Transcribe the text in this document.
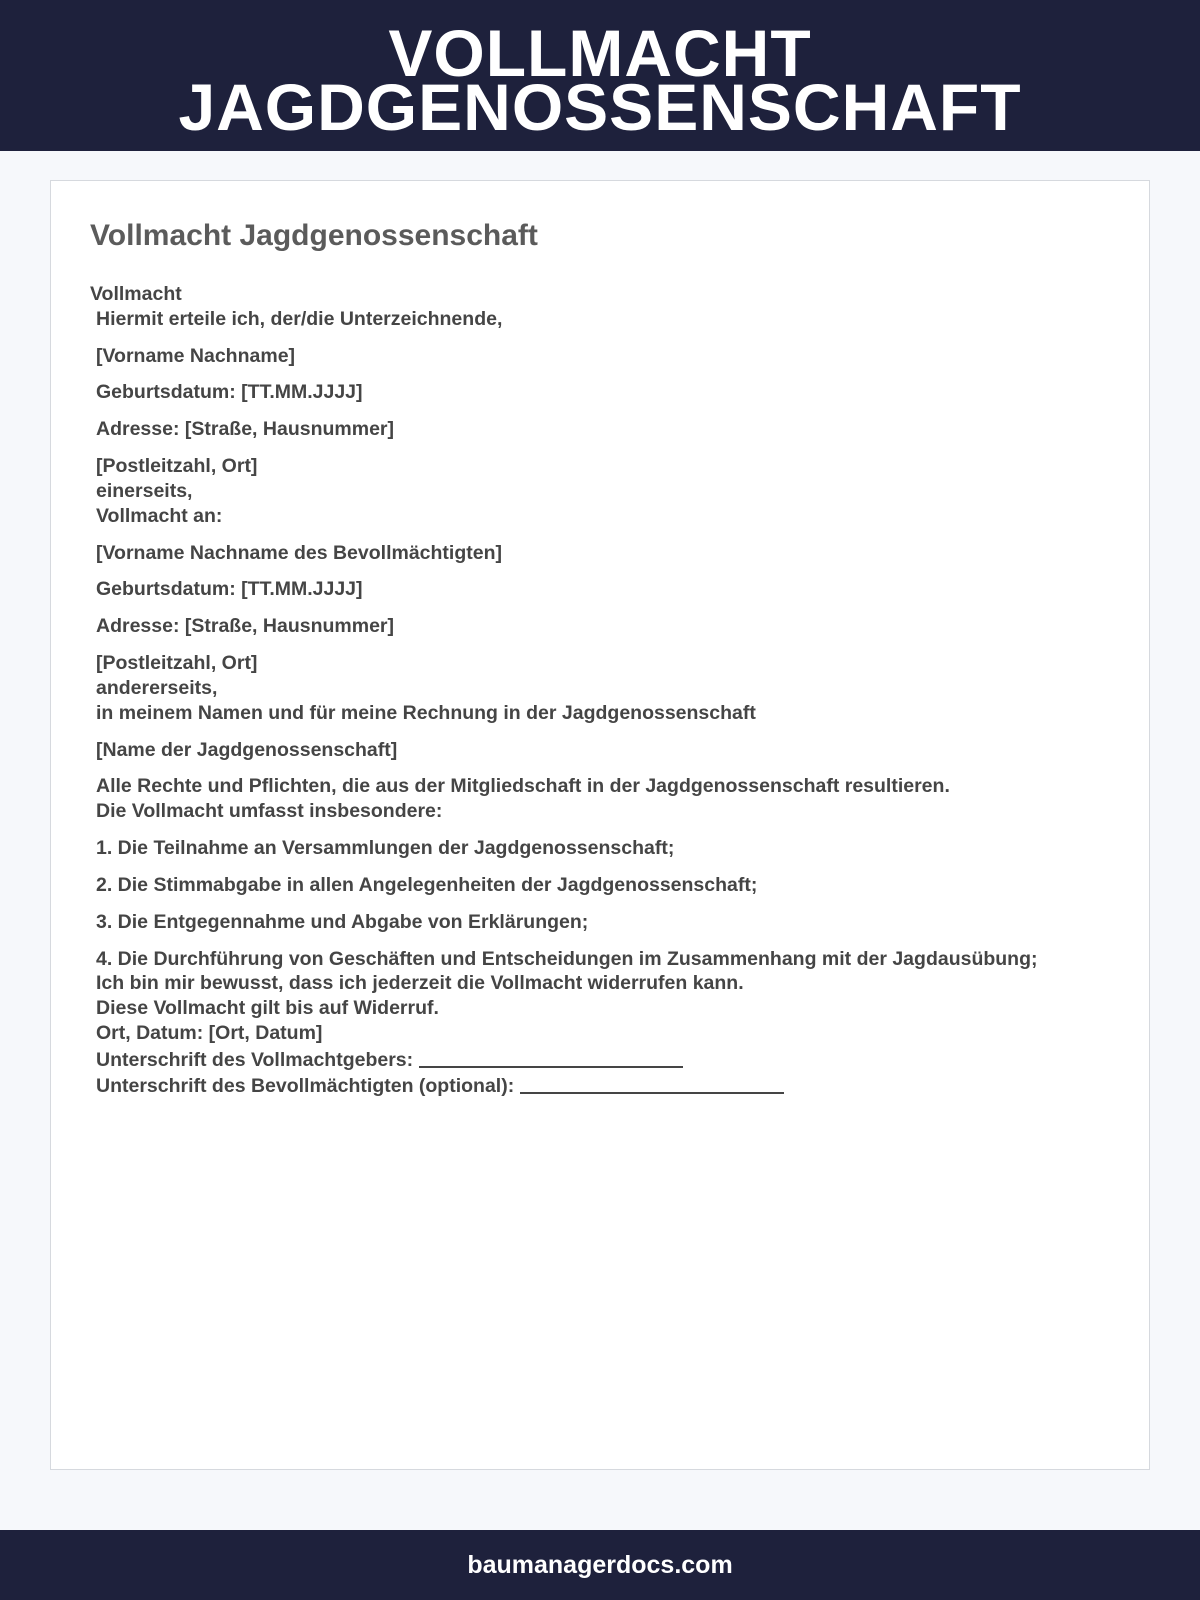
VOLLMACHT
JAGDGENOSSENSCHAFT
Vollmacht Jagdgenossenschaft
Vollmacht
Hiermit erteile ich, der/die Unterzeichnende,
[Vorname Nachname]
Geburtsdatum: [TT.MM.JJJJ]
Adresse: [Straße, Hausnummer]
[Postleitzahl, Ort]
einerseits,
Vollmacht an:
[Vorname Nachname des Bevollmächtigten]
Geburtsdatum: [TT.MM.JJJJ]
Adresse: [Straße, Hausnummer]
[Postleitzahl, Ort]
andererseits,
in meinem Namen und für meine Rechnung in der Jagdgenossenschaft
[Name der Jagdgenossenschaft]
Alle Rechte und Pflichten, die aus der Mitgliedschaft in der Jagdgenossenschaft resultieren.
Die Vollmacht umfasst insbesondere:
1. Die Teilnahme an Versammlungen der Jagdgenossenschaft;
2. Die Stimmabgabe in allen Angelegenheiten der Jagdgenossenschaft;
3. Die Entgegennahme und Abgabe von Erklärungen;
4. Die Durchführung von Geschäften und Entscheidungen im Zusammenhang mit der Jagdausübung;
Ich bin mir bewusst, dass ich jederzeit die Vollmacht widerrufen kann.
Diese Vollmacht gilt bis auf Widerruf.
Ort, Datum: [Ort, Datum]
Unterschrift des Vollmachtgebers:
Unterschrift des Bevollmächtigten (optional):
baumanagerdocs.com
